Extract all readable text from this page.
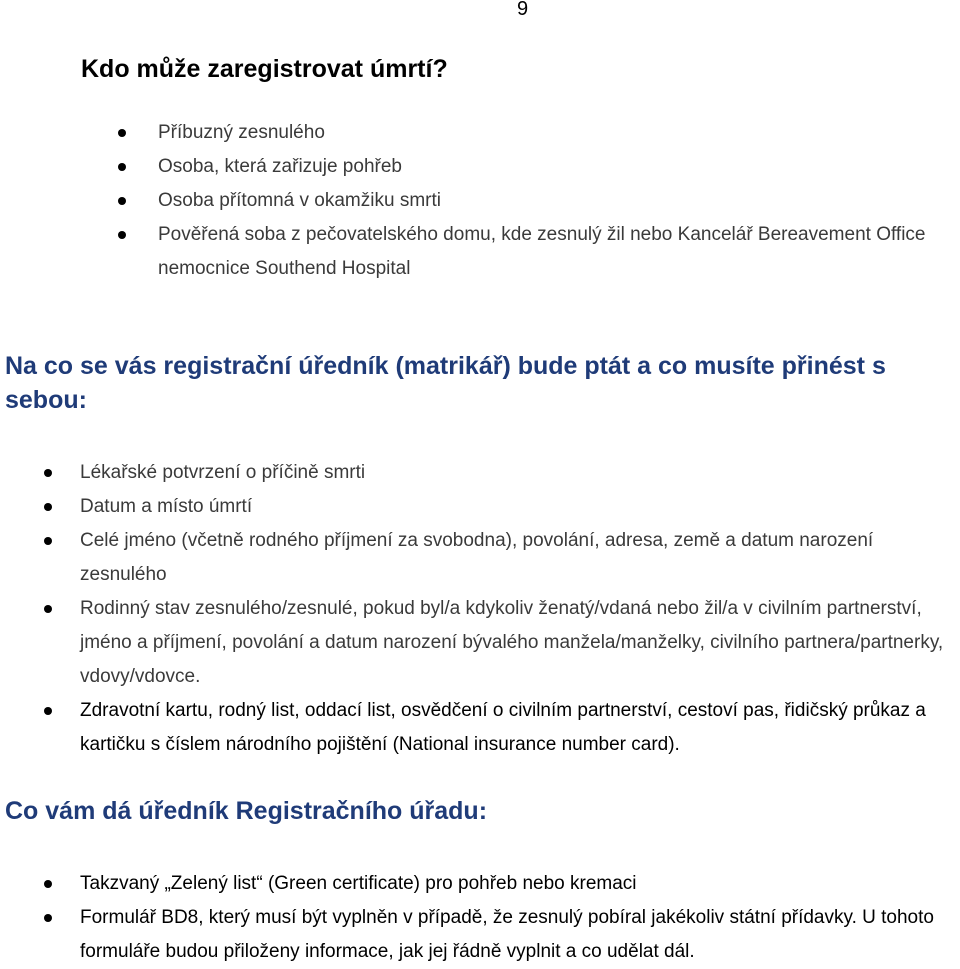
9
Kdo může zaregistrovat úmrtí?
Příbuzný zesnulého
Osoba, která zařizuje pohřeb
Osoba přítomná v okamžiku smrti
Pověřená soba z pečovatelského domu, kde zesnulý žil nebo Kancelář Bereavement Office nemocnice Southend Hospital
Na co se vás registrační úředník (matrikář) bude ptát a co musíte přinést s sebou:
Lékařské potvrzení o příčině smrti
Datum a místo úmrtí
Celé jméno (včetně rodného příjmení za svobodna), povolání, adresa, země a datum narození zesnulého
Rodinný stav zesnulého/zesnulé, pokud byl/a kdykoliv ženatý/vdaná nebo žil/a v civilním partnerství, jméno a příjmení, povolání a datum narození bývalého manžela/manželky, civilního partnera/partnerky, vdovy/vdovce.
Zdravotní kartu, rodný list, oddací list, osvědčení o civilním partnerství, cestoví pas, řidičský průkaz a kartičku s číslem národního pojištění (National insurance number card).
Co vám dá úředník Registračního úřadu:
Takzvaný „Zelený list“ (Green certificate) pro pohřeb nebo kremaci
Formulář BD8, který musí být vyplněn v případě, že zesnulý pobíral jakékoliv státní přídavky. U tohoto formuláře budou přiloženy informace, jak jej řádně vyplnit a co udělat dál.
